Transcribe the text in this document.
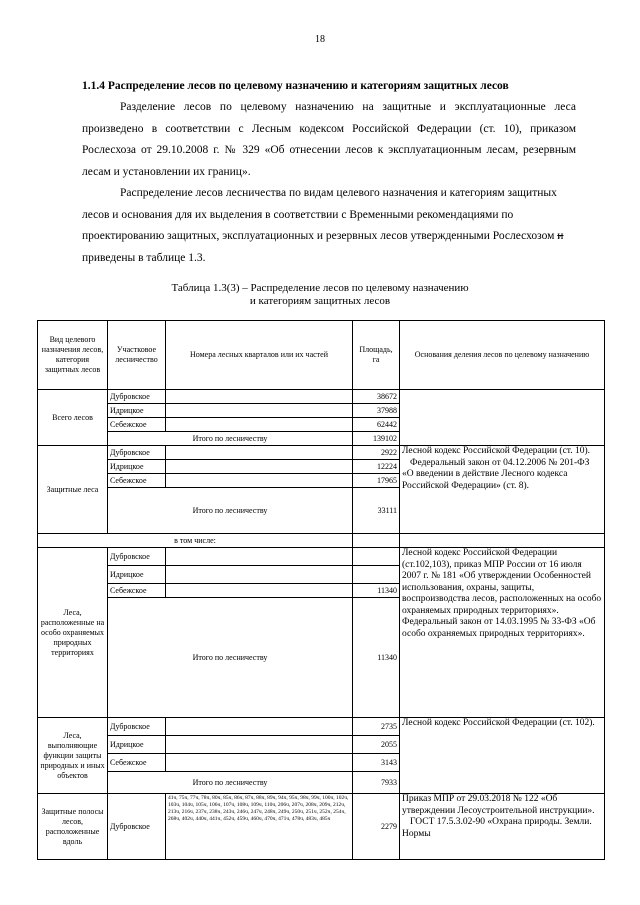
18
1.1.4 Распределение лесов по целевому назначению и категориям защитных лесов

Разделение лесов по целевому назначению на защитные и эксплуатационные леса произведено в соответствии с Лесным кодексом Российской Федерации (ст. 10), приказом Рослесхоза от 29.10.2008 г. № 329 «Об отнесении лесов к эксплуатационным лесам, резервным лесам и установлении их границ».

Распределение лесов лесничества по видам целевого назначения и категориям защитных лесов и основания для их выделения в соответствии с Временными рекомендациями по проектированию защитных, эксплуатационных и резервных лесов утвержденными Рослесхозом и приведены в таблице 1.3.

Таблица 1.3(3) – Распределение лесов по целевому назначению
и категориям защитных лесов
Вид целевого назначения лесов, категория защитных лесов	Участковое лесничество	Номера лесных кварталов или их частей	Площадь, га	Основания деления лесов по целевому назначению
Всего лесов	Дубровское		38672	
	Идрицкое		37988	
	Себежское		62442	
	Итого по лесничеству		139102	
Защитные леса	Дубровское		2922	Лесной кодекс Российской Федерации (ст. 10).
Федеральный закон от 04.12.2006 № 201-ФЗ «О введении в действие Лесного кодекса Российской Федерации» (ст. 8).
	Идрицкое		12224	
	Себежское		17965	
	Итого по лесничеству		33111	
в том числе:				
Леса, расположенные на особо охраняемых природных территориях	Дубровское			Лесной кодекс Российской Федерации (ст.102,103), приказ МПР России от 16 июля 2007 г. № 181 «Об утверждении Особенностей использования, охраны, защиты, воспроизводства лесов, расположенных на особо охраняемых природных территориях».
Федеральный закон от 14.03.1995 № 33-ФЗ «Об особо охраняемых природных территориях».
	Идрицкое			
	Себежское		11340	
	Итого по лесничеству		11340	
Леса, выполняющие функции защиты природных и иных объектов	Дубровское		2735	Лесной кодекс Российской Федерации (ст. 102).
	Идрицкое		2055	
	Себежское		3143	
	Итого по лесничеству		7933	
Защитные полосы лесов, расположенные вдоль	Дубровское	41ч, 75ч, 77ч, 78ч, 80ч, 85ч, 86ч, 87ч, 88ч, 89ч, 94ч, 95ч, 98ч, 99ч, 100ч, 102ч, 103ч, 104ч, 105ч, 106ч, 107ч, 108ч, 109ч, 110ч, 206ч, 207ч, 208ч, 209ч, 212ч, 213ч, 216ч, 237ч, 238ч, 243ч, 246ч, 247ч, 248ч, 249ч, 250ч, 251ч, 252ч, 254ч, 268ч, 402ч, 440ч, 441ч, 452ч, 459ч, 460ч, 470ч, 471ч, 478ч, 483ч, 485ч	2279	Приказ МПР от 29.03.2018 № 122 «Об утверждении Лесоустроительной инструкции».
ГОСТ 17.5.3.02-90 «Охрана природы. Земли. Нормы
